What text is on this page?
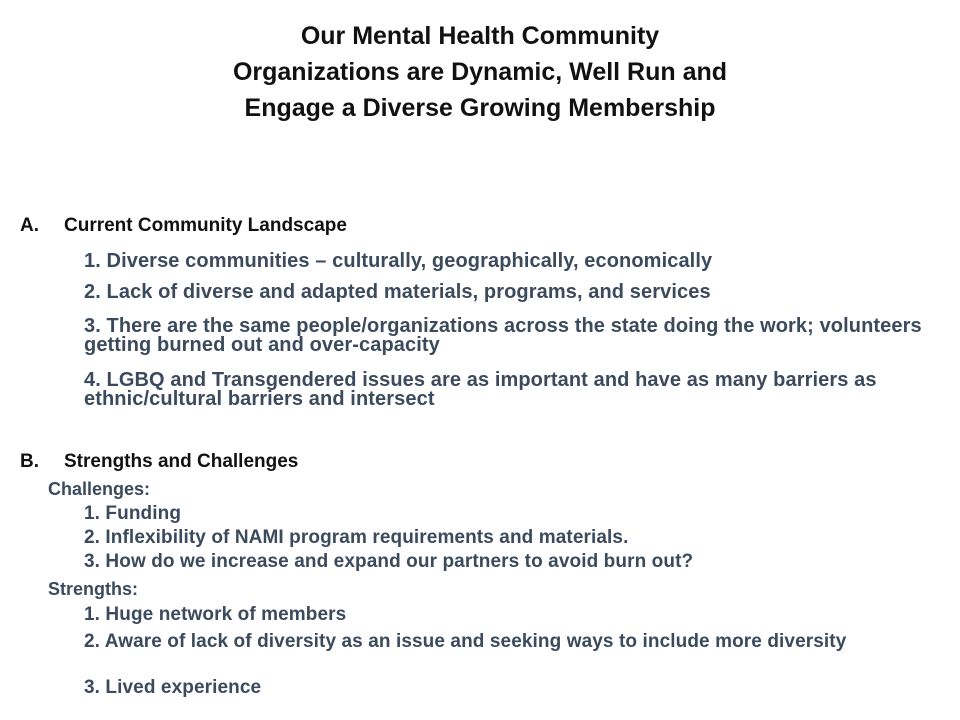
Our Mental Health Community
Organizations are Dynamic, Well Run and
Engage a Diverse Growing Membership
A. Current Community Landscape
1. Diverse communities – culturally, geographically, economically
2. Lack of diverse and adapted materials, programs, and services
3. There are the same people/organizations across the state doing the work; volunteers getting burned out and over-capacity
4. LGBQ and Transgendered issues are as important and have as many barriers as ethnic/cultural barriers and intersect
B. Strengths and Challenges
Challenges:
1. Funding
2. Inflexibility of NAMI program requirements and materials.
3. How do we increase and expand our partners to avoid burn out?
Strengths:
1. Huge network of members
2. Aware of lack of diversity as an issue and seeking ways to include more diversity
3. Lived experience
